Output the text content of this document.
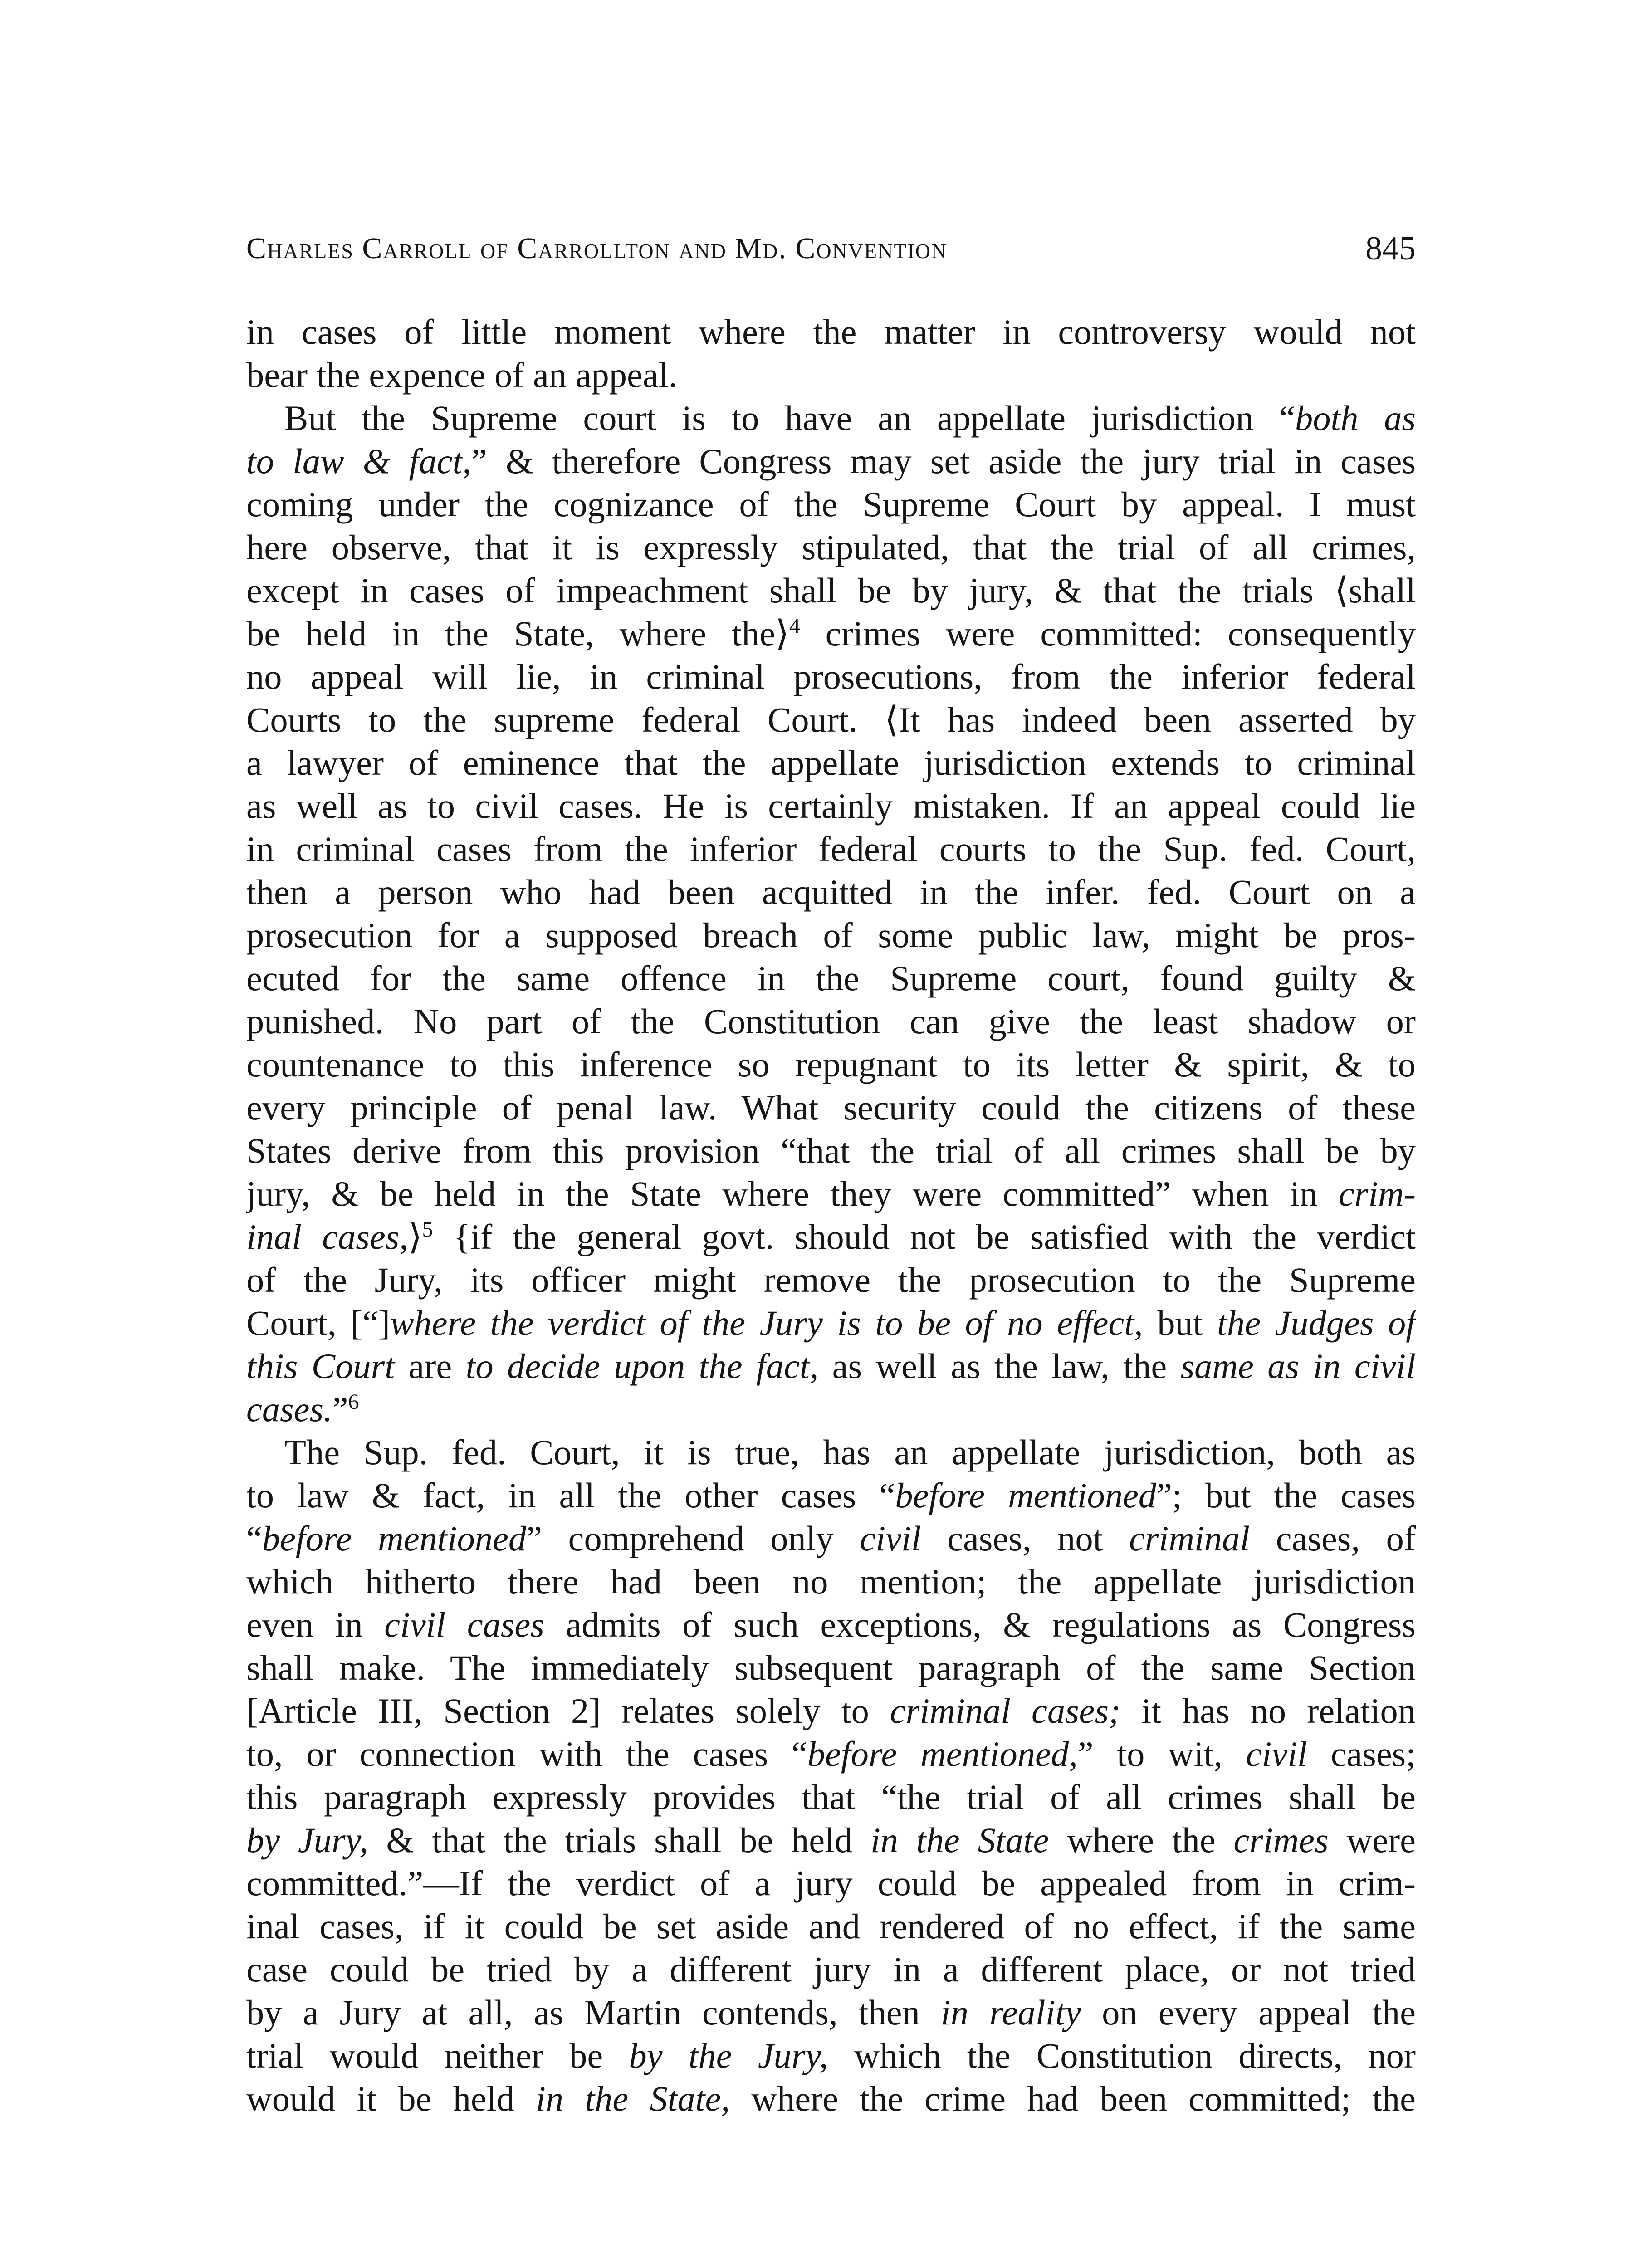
Charles Carroll of Carrollton and Md. Convention	845
in cases of little moment where the matter in controversy would not
bear the expence of an appeal.
But the Supreme court is to have an appellate jurisdiction “both as
to law & fact,” & therefore Congress may set aside the jury trial in cases
coming under the cognizance of the Supreme Court by appeal. I must
here observe, that it is expressly stipulated, that the trial of all crimes,
except in cases of impeachment shall be by jury, & that the trials ⟨shall
be held in the State, where the⟩$^4$ crimes were committed: consequently
no appeal will lie, in criminal prosecutions, from the inferior federal
Courts to the supreme federal Court. ⟨It has indeed been asserted by
a lawyer of eminence that the appellate jurisdiction extends to criminal
as well as to civil cases. He is certainly mistaken. If an appeal could lie
in criminal cases from the inferior federal courts to the Sup. fed. Court,
then a person who had been acquitted in the infer. fed. Court on a
prosecution for a supposed breach of some public law, might be pros-
ecuted for the same offence in the Supreme court, found guilty &
punished. No part of the Constitution can give the least shadow or
countenance to this inference so repugnant to its letter & spirit, & to
every principle of penal law. What security could the citizens of these
States derive from this provision “that the trial of all crimes shall be by
jury, & be held in the State where they were committed” when in crim-
inal cases,⟩$^5$ {if the general govt. should not be satisfied with the verdict
of the Jury, its officer might remove the prosecution to the Supreme
Court, [“]where the verdict of the Jury is to be of no effect, but the Judges of
this Court are to decide upon the fact, as well as the law, the same as in civil
cases.”$^6$
The Sup. fed. Court, it is true, has an appellate jurisdiction, both as
to law & fact, in all the other cases “before mentioned”; but the cases
“before mentioned” comprehend only civil cases, not criminal cases, of
which hitherto there had been no mention; the appellate jurisdiction
even in civil cases admits of such exceptions, & regulations as Congress
shall make. The immediately subsequent paragraph of the same Section
[Article III, Section 2] relates solely to criminal cases; it has no relation
to, or connection with the cases “before mentioned,” to wit, civil cases;
this paragraph expressly provides that “the trial of all crimes shall be
by Jury, & that the trials shall be held in the State where the crimes were
committed.”—If the verdict of a jury could be appealed from in crim-
inal cases, if it could be set aside and rendered of no effect, if the same
case could be tried by a different jury in a different place, or not tried
by a Jury at all, as Martin contends, then in reality on every appeal the
trial would neither be by the Jury, which the Constitution directs, nor
would it be held in the State, where the crime had been committed; the
